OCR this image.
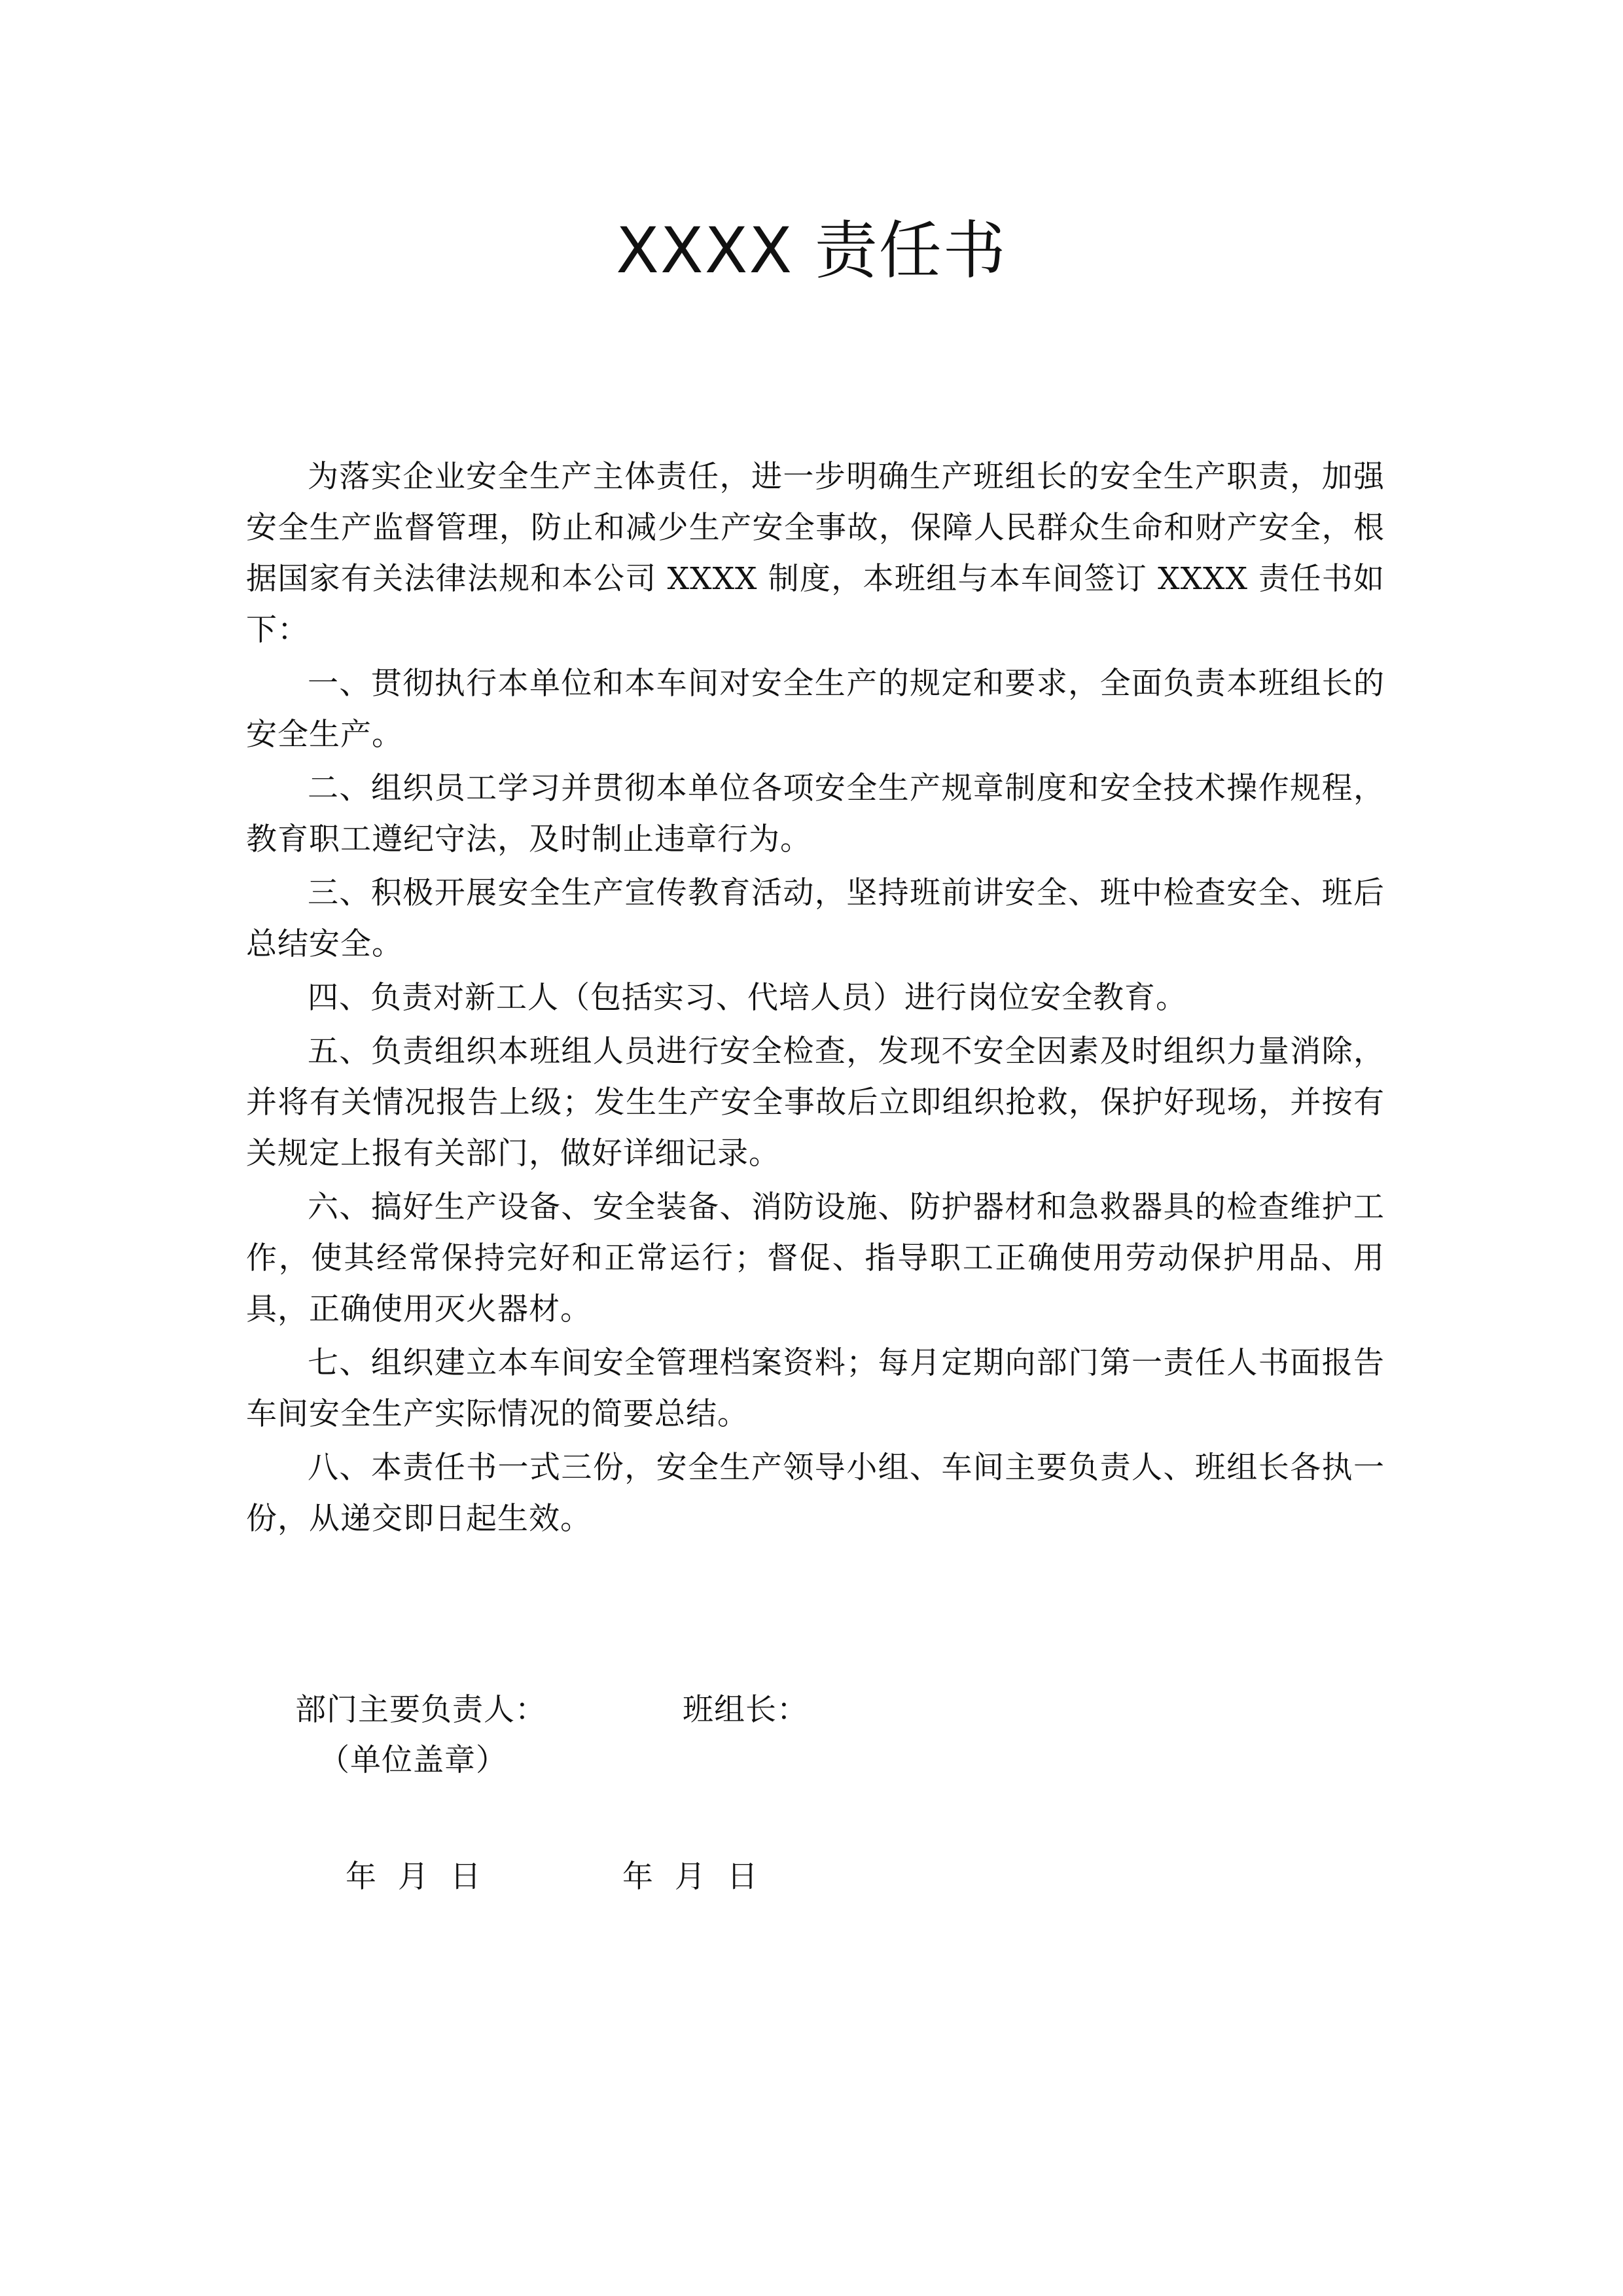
XXXX 责任书

为落实企业安全生产主体责任，进一步明确生产班组长的安全生产职责，加强安全生产监督管理，防止和减少生产安全事故，保障人民群众生命和财产安全，根据国家有关法律法规和本公司 XXXX 制度，本班组与本车间签订 XXXX 责任书如下：

一、贯彻执行本单位和本车间对安全生产的规定和要求，全面负责本班组长的安全生产。

二、组织员工学习并贯彻本单位各项安全生产规章制度和安全技术操作规程，教育职工遵纪守法，及时制止违章行为。

三、积极开展安全生产宣传教育活动，坚持班前讲安全、班中检查安全、班后总结安全。

四、负责对新工人（包括实习、代培人员）进行岗位安全教育。

五、负责组织本班组人员进行安全检查，发现不安全因素及时组织力量消除，并将有关情况报告上级；发生生产安全事故后立即组织抢救，保护好现场，并按有关规定上报有关部门，做好详细记录。

六、搞好生产设备、安全装备、消防设施、防护器材和急救器具的检查维护工作，使其经常保持完好和正常运行；督促、指导职工正确使用劳动保护用品、用具，正确使用灭火器材。

七、组织建立本车间安全管理档案资料；每月定期向部门第一责任人书面报告车间安全生产实际情况的简要总结。

八、本责任书一式三份，安全生产领导小组、车间主要负责人、班组长各执一份，从递交即日起生效。

部门主要负责人：	班组长：
（单位盖章）
年  月  日	年  月  日
